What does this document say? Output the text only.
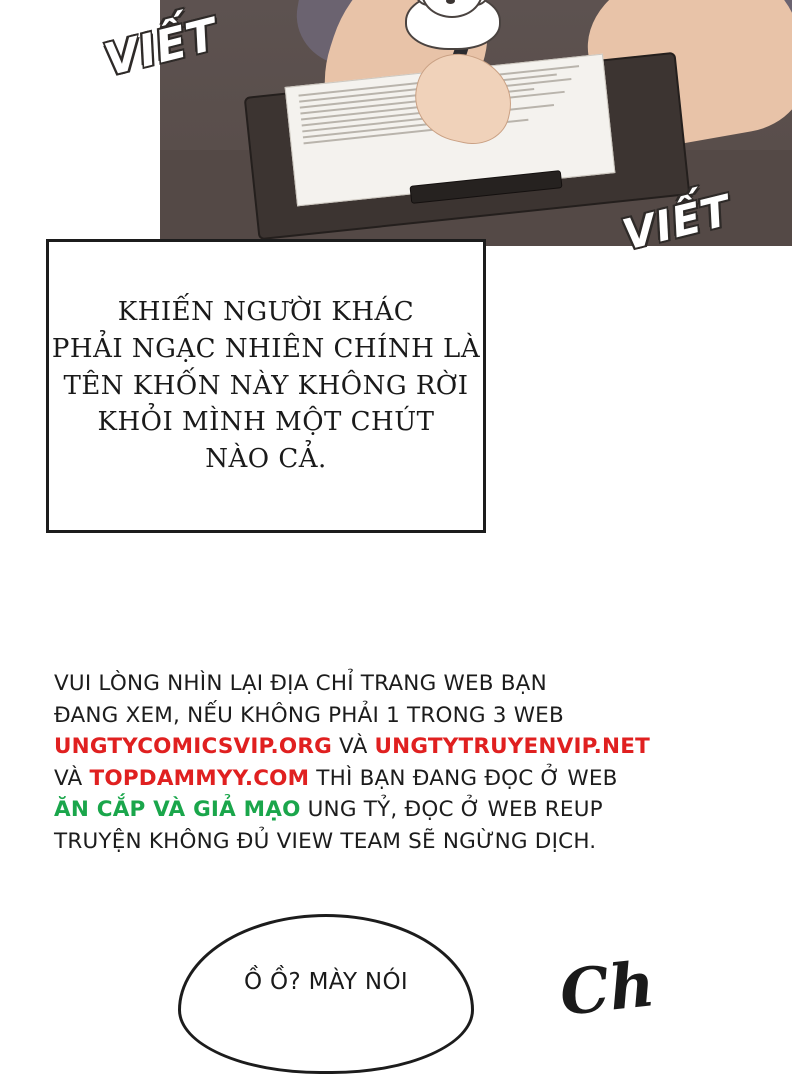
VIẾT
VIẾT
KHIẾN NGƯỜI KHÁC
PHẢI NGẠC NHIÊN CHÍNH LÀ
TÊN KHỐN NÀY KHÔNG RỜI
KHỎI MÌNH MỘT CHÚT
NÀO CẢ.
VUI LÒNG NHÌN LẠI ĐỊA CHỈ TRANG WEB BẠN
ĐANG XEM, NẾU KHÔNG PHẢI 1 TRONG 3 WEB
UNGTYCOMICSVIP.ORG VÀ UNGTYTRUYENVIP.NET
VÀ TOPDAMMYY.COM THÌ BẠN ĐANG ĐỌC Ở WEB
ĂN CẮP VÀ GIẢ MẠO UNG TỶ, ĐỌC Ở WEB REUP
TRUYỆN KHÔNG ĐỦ VIEW TEAM SẼ NGỪNG DỊCH.
Ồ Ồ? MÀY NÓI Ch
